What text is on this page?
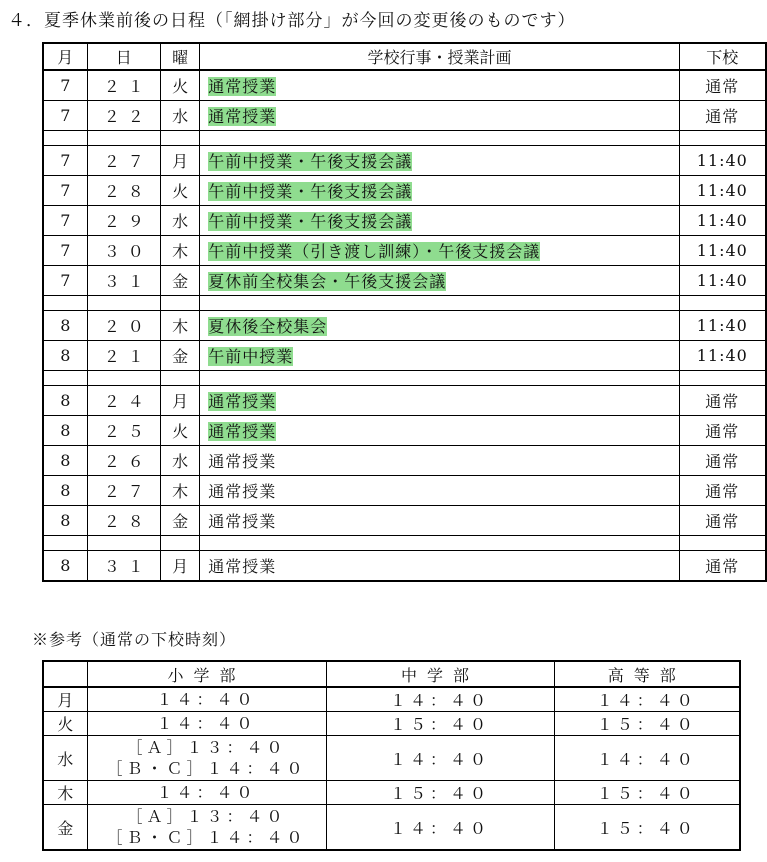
４．夏季休業前後の日程（「網掛け部分」が今回の変更後のものです）
月	日	曜	学校行事・授業計画	下校
7	２１	火	通常授業	通常
7	２２	水	通常授業	通常

7	２７	月	午前中授業・午後支援会議	11:40
7	２８	火	午前中授業・午後支援会議	11:40
7	２９	水	午前中授業・午後支援会議	11:40
7	３０	木	午前中授業（引き渡し訓練）・午後支援会議	11:40
7	３１	金	夏休前全校集会・午後支援会議	11:40

8	２０	木	夏休後全校集会	11:40
8	２１	金	午前中授業	11:40

8	２４	月	通常授業	通常
8	２５	火	通常授業	通常
8	２６	水	通常授業	通常
8	２７	木	通常授業	通常
8	２８	金	通常授業	通常

8	３１	月	通常授業	通常
※参考（通常の下校時刻）
	小学部	中学部	高等部
月	１４：４０	１４：４０	１４：４０
火	１４：４０	１５：４０	１５：４０
水	［Ａ］１３：４０
［Ｂ・Ｃ］１４：４０	１４：４０	１４：４０
木	１４：４０	１５：４０	１５：４０
金	［Ａ］１３：４０
［Ｂ・Ｃ］１４：４０	１４：４０	１５：４０
